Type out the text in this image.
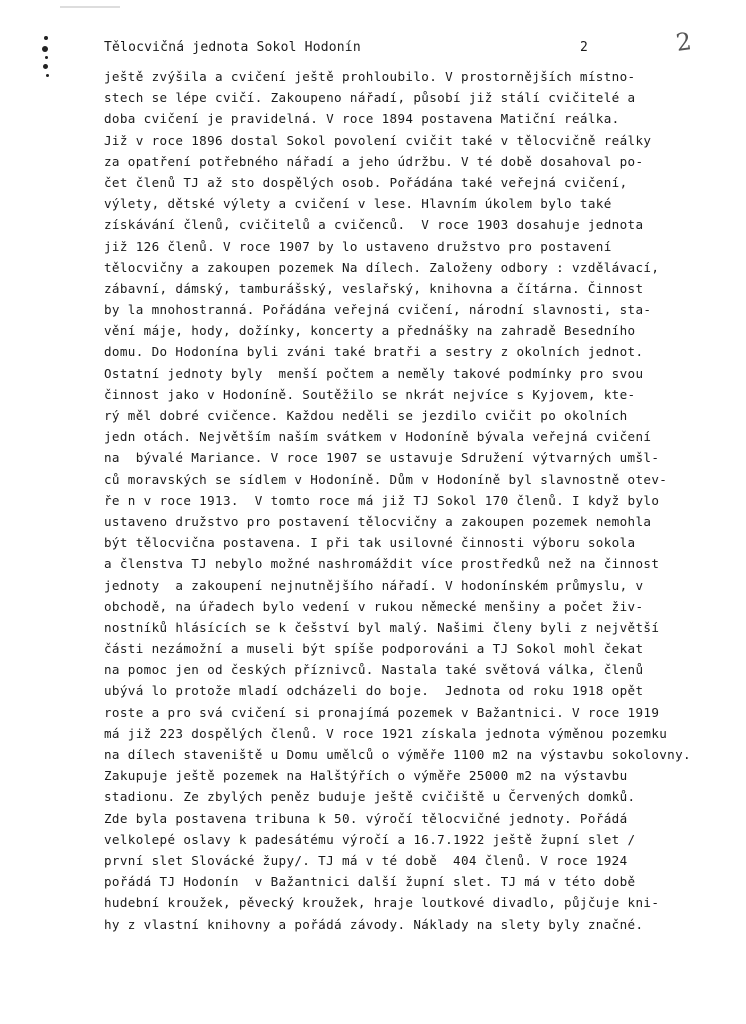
Tělocvičná jednota Sokol Hodonín	2	2
ještě zvýšila a cvičení ještě prohloubilo. V prostornějších místno-
stech se lépe cvičí. Zakoupeno nářadí, působí již stálí cvičitelé a
doba cvičení je pravidelná. V roce 1894 postavena Matiční reálka.
Již v roce 1896 dostal Sokol povolení cvičit také v tělocvičně reálky
za opatření potřebného nářadí a jeho údržbu. V té době dosahoval po-
čet členů TJ až sto dospělých osob. Pořádána také veřejná cvičení,
výlety, dětské výlety a cvičení v lese. Hlavním úkolem bylo také
získávání členů, cvičitelů a cvičenců.  V roce 1903 dosahuje jednota
již 126 členů. V roce 1907 by lo ustaveno družstvo pro postavení
tělocvičny a zakoupen pozemek Na dílech. Založeny odbory : vzdělávací,
zábavní, dámský, tamburášský, veslařský, knihovna a čítárna. Činnost
by la mnohostranná. Pořádána veřejná cvičení, národní slavnosti, sta-
vění máje, hody, dožínky, koncerty a přednášky na zahradě Besedního
domu. Do Hodonína byli zváni také bratři a sestry z okolních jednot.
Ostatní jednoty byly  menší počtem a neměly takové podmínky pro svou
činnost jako v Hodoníně. Soutěžilo se nkrát nejvíce s Kyjovem, kte-
rý měl dobré cvičence. Každou neděli se jezdilo cvičit po okolních
jedn otách. Největším naším svátkem v Hodoníně bývala veřejná cvičení
na  bývalé Mariance. V roce 1907 se ustavuje Sdružení výtvarných umšl-
ců moravských se sídlem v Hodoníně. Dům v Hodoníně byl slavnostně otev-
ře n v roce 1913.  V tomto roce má již TJ Sokol 170 členů. I když bylo
ustaveno družstvo pro postavení tělocvičny a zakoupen pozemek nemohla
být tělocvična postavena. I při tak usilovné činnosti výboru sokola
a členstva TJ nebylo možné nashromáždit více prostředků než na činnost
jednoty  a zakoupení nejnutnějšího nářadí. V hodonínském průmyslu, v
obchodě, na úřadech bylo vedení v rukou německé menšiny a počet živ-
nostníků hlásících se k češství byl malý. Našimi členy byli z největší
části nezámožní a museli být spíše podporováni a TJ Sokol mohl čekat
na pomoc jen od českých příznivců. Nastala také světová válka, členů
ubývá lo protože mladí odcházeli do boje.  Jednota od roku 1918 opět
roste a pro svá cvičení si pronajímá pozemek v Bažantnici. V roce 1919
má již 223 dospělých členů. V roce 1921 získala jednota výměnou pozemku
na dílech staveniště u Domu umělců o výměře 1100 m2 na výstavbu sokolovny.
Zakupuje ještě pozemek na Halštýřích o výměře 25000 m2 na výstavbu
stadionu. Ze zbylých peněz buduje ještě cvičiště u Červených domků.
Zde byla postavena tribuna k 50. výročí tělocvičné jednoty. Pořádá
velkolepé oslavy k padesátému výročí a 16.7.1922 ještě župní slet /
první slet Slovácké župy/. TJ má v té době  404 členů. V roce 1924
pořádá TJ Hodonín  v Bažantnici další župní slet. TJ má v této době
hudební kroužek, pěvecký kroužek, hraje loutkové divadlo, půjčuje kni-
hy z vlastní knihovny a pořádá závody. Náklady na slety byly značné.
